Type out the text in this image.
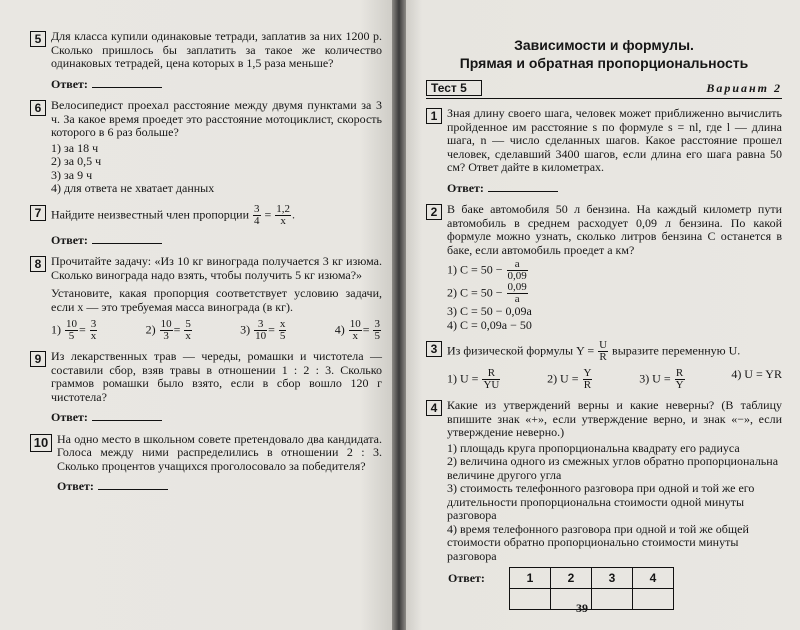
5 Для класса купили одинаковые тетради, заплатив за них 1200 р. Сколько пришлось бы заплатить за такое же количество одинаковых тетрадей, цена которых в 1,5 раза меньше?
Ответ:
6 Велосипедист проехал расстояние между двумя пунктами за 3 ч. За какое время проедет это расстояние мотоциклист, скорость которого в 6 раз больше?
1) за 18 ч
2) за 0,5 ч
3) за 9 ч
4) для ответа не хватает данных
7 Найдите неизвестный член пропорции $\frac{3}{4} = \frac{1,2}{x}$ .
Ответ:
8 Прочитайте задачу: «Из 10 кг винограда получается 3 кг изюма. Сколько винограда надо взять, чтобы получить 5 кг изюма?»
Установите, какая пропорция соответствует условию задачи, если x — это требуемая масса винограда (в кг).
$1) \frac{10}{5} = \frac{3}{x}$	$2) \frac{10}{3} = \frac{5}{x}$	$3) \frac{3}{10} = \frac{x}{5}$	$4) \frac{10}{x} = \frac{3}{5}$
9 Из лекарственных трав — череды, ромашки и чистотела — составили сбор, взяв травы в отношении 1 : 2 : 3. Сколько граммов ромашки было взято, если в сбор вошло 120 г чистотела?
Ответ:
10 На одно место в школьном совете претендовало два кандидата. Голоса между ними распределились в отношении 2 : 3. Сколько процентов учащихся проголосовало за победителя?
Ответ:
Зависимости и формулы.
Прямая и обратная пропорциональность
Тест 5	Вариант 2
1 Зная длину своего шага, человек может приближенно вычислить пройденное им расстояние s по формуле s = nl, где l — длина шага, n — число сделанных шагов. Какое расстояние прошел человек, сделавший 3400 шагов, если длина его шага равна 50 см? Ответ дайте в километрах.
Ответ:
2 В баке автомобиля 50 л бензина. На каждый километр пути автомобиль в среднем расходует 0,09 л бензина. По какой формуле можно узнать, сколько литров бензина C останется в баке, если автомобиль проедет a км?
1) $C = 50 - \frac{a}{0,09}$
2) $C = 50 - \frac{0,09}{a}$
3) C = 50 − 0,09a
4) C = 0,09a − 50
3 Из физической формулы $Y = \frac{U}{R}$ выразите переменную U.
1) $U = \frac{R}{YU}$	2) $U = \frac{Y}{R}$	3) $U = \frac{R}{Y}$	4) U = YR
4 Какие из утверждений верны и какие неверны? (В таблицу впишите знак «+», если утверждение верно, и знак «−», если утверждение неверно.)
1) площадь круга пропорциональна квадрату его радиуса
2) величина одного из смежных углов обратно пропорциональна величине другого угла
3) стоимость телефонного разговора при одной и той же его длительности пропорциональна стоимости одной минуты разговора
4) время телефонного разговора при одной и той же общей стоимости обратно пропорционально стоимости минуты разговора
Ответ:	1	2	3	4

39
